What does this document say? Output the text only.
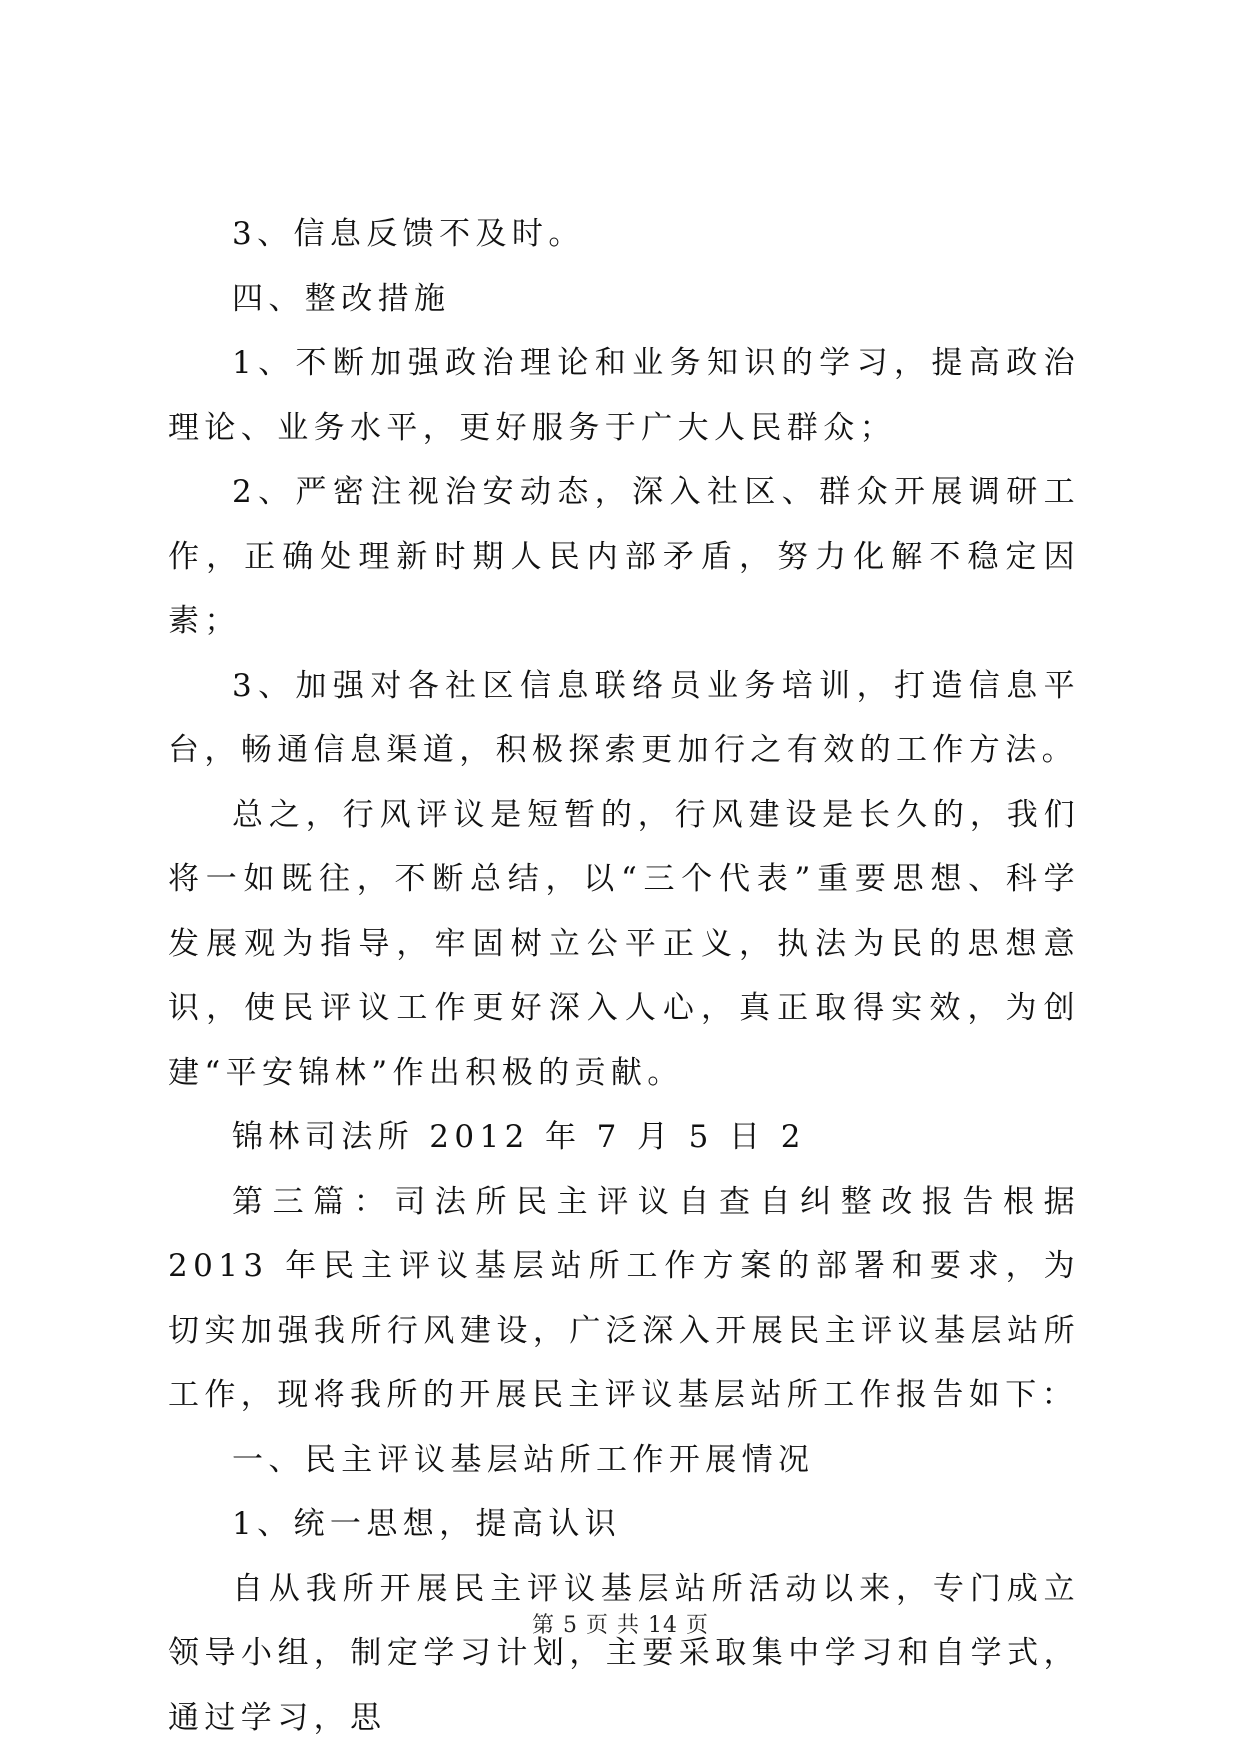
3、信息反馈不及时。

四、整改措施

1、不断加强政治理论和业务知识的学习，提高政治理论、业务水平，更好服务于广大人民群众；

2、严密注视治安动态，深入社区、群众开展调研工作，正确处理新时期人民内部矛盾，努力化解不稳定因素；

3、加强对各社区信息联络员业务培训，打造信息平台，畅通信息渠道，积极探索更加行之有效的工作方法。

总之，行风评议是短暂的，行风建设是长久的，我们将一如既往，不断总结，以“三个代表”重要思想、科学发展观为指导，牢固树立公平正义，执法为民的思想意识，使民评议工作更好深入人心，真正取得实效，为创建“平安锦林”作出积极的贡献。

锦林司法所 2012 年 7 月 5 日 2

第三篇：司法所民主评议自查自纠整改报告根据 2013 年民主评议基层站所工作方案的部署和要求，为切实加强我所行风建设，广泛深入开展民主评议基层站所工作，现将我所的开展民主评议基层站所工作报告如下：

一、民主评议基层站所工作开展情况

1、统一思想，提高认识

自从我所开展民主评议基层站所活动以来，专门成立领导小组，制定学习计划，主要采取集中学习和自学式，通过学习，思

第 5 页 共 14 页
